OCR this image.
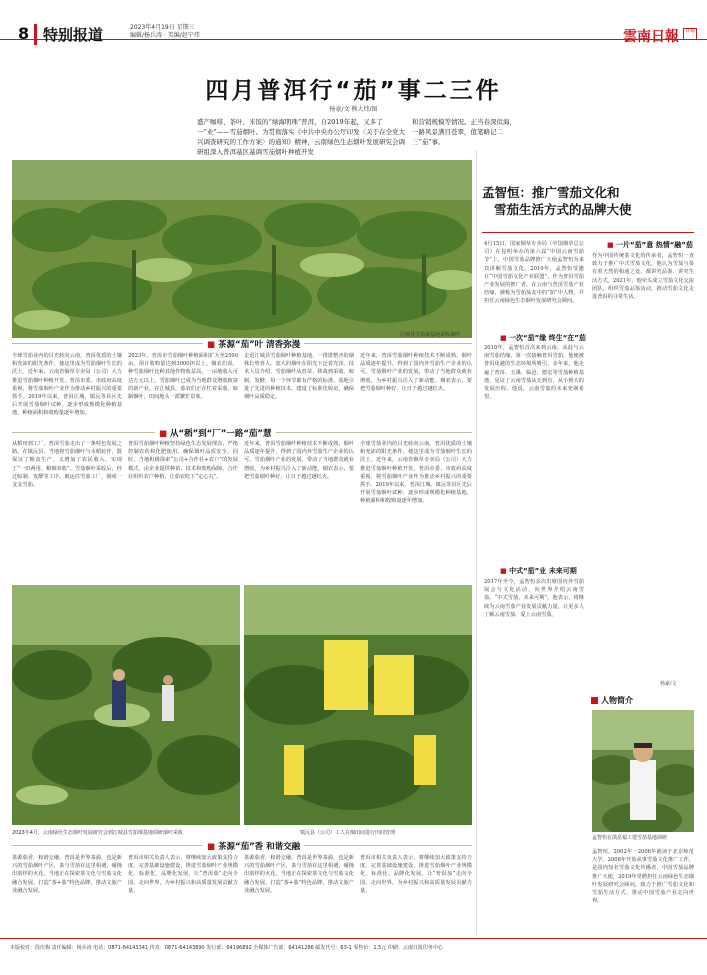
8 特别报道	2023年4月19日 星期三
编辑/杨兵涛 · 美编/赵宁伟	雲南日報	日報
四月普洱行“茄”事二三件
杨豪/文 熊大炜/图
盛产咖啡、茶叶、米饭的“绿海明珠”普洱，自2019年起，又多了一“业”——雪茄烟叶。为贯彻落实《中共中央办公厅印发〈关于在全党大兴调查研究的工作方案〉的通知》精神，云南绿色生态烟叶发展研究会调研组深入普洱基区基调雪茄烟叶种植开发
和营销规模等情况。正当春深似海，一路风景满目苍翠，值笔略记二三“茄”事。
江城县雪茄烟基地采收烟叶
■ 茶源“茄”叶 清香弥漫
全球雪茄业内的目光转向云南，普洱优质的土壤和充沛的阳光条件，使这里成为雪茄烟叶生长的沃土。近年来，云南省烟草专卖局（公司）大力推进雪茄烟叶种植开发，普洱市委、市政府高度重视，将雪茄烟叶产业作为推动乡村振兴的重要抓手。2019年以来，普洱江城、镇沅等县区先后开展雪茄烟叶试种，逐步形成规模化种植基地，种植面积和收购量逐年增加。
2023年，普洱市雪茄烟叶种植面积扩大至2500亩，预计收购量达到3000担以上。烟农们说，种雪茄烟叶比种其他作物收益高，一亩地收入可达万元以上，雪茄烟叶已成为当地群众增收致富的新产业。在江城县，茄农们正在忙着采收、晾制烟叶，田间地头一派繁忙景象。
走进江城县雪茄烟叶种植基地，一排排整齐的烟株长势喜人，宽大的烟叶在阳光下泛着光泽。技术人员介绍，雪茄烟叶从育苗、移栽到采收、晾制、发酵，每一个环节都有严格的标准。基地引进了先进的种植技术，建设了标准化晾房，确保烟叶品质稳定。
近年来，普洱雪茄烟叶种植技术不断成熟，烟叶品质逐年提升，得到了国内外雪茄生产企业的认可。雪茄烟叶产业的发展，带动了当地群众就业增收，为乡村振兴注入了新动能。烟农表示，要把雪茄烟叶种好，让日子越过越红火。
■ 从“稻”到“厂”一路“茄”慧
从稻田到工厂，普洱雪茄走出了一条特色发展之路。在镇沅县，当地将雪茄烟叶与水稻轮作，既保证了粮食生产，又增加了农民收入，实现了“一田两用、粮烟双收”。雪茄烟叶采收后，经过晾制、发酵等工序，被运往雪茄工厂，制成一支支雪茄。
普洱雪茄烟叶种植坚持绿色生态发展理念，严格控制农药和化肥使用，确保烟叶品质安全。同时，当地积极探索“公司+合作社+农户”的发展模式，由企业提供种苗、技术和收购保障，合作社组织农户种植，让茄农吃下“定心丸”。
近年来，普洱雪茄烟叶种植技术不断成熟，烟叶品质逐年提升，得到了国内外雪茄生产企业的认可。雪茄烟叶产业的发展，带动了当地群众就业增收，为乡村振兴注入了新动能。烟农表示，要把雪茄烟叶种好，让日子越过越红火。
全球雪茄业内的目光转向云南，普洱优质的土壤和充沛的阳光条件，使这里成为雪茄烟叶生长的沃土。近年来，云南省烟草专卖局（公司）大力推进雪茄烟叶种植开发，普洱市委、市政府高度重视，将雪茄烟叶产业作为推动乡村振兴的重要抓手。2019年以来，普洱江城、镇沅等县区先后开展雪茄烟叶试种，逐步形成规模化种植基地，种植面积和收购量逐年增加。
2023年4月，云南绿色生态烟叶发展研究会到江城县雪茄烟基地调研烟叶采收	镇沅县（公司）工人在烟田间进行田间管理
■ 茶源“茄”香 和谐交融
茶源茄香，和谐交融。普洱是世界茶源，也是新兴的雪茄烟叶产区，茶与雪茄在这里相遇，碰撞出别样的火花。当地正在探索茶文化与雪茄文化融合发展，打造“茶+茄”特色品牌，推动文旅产业融合发展。
普洱市相关负责人表示，将继续加大政策支持力度，完善基础设施建设，推进雪茄烟叶产业规模化、标准化、品牌化发展，让“普洱茄”走向全国、走向世界，为乡村振兴和高质量发展贡献力量。
茶源茄香，和谐交融。普洱是世界茶源，也是新兴的雪茄烟叶产区，茶与雪茄在这里相遇，碰撞出别样的火花。当地正在探索茶文化与雪茄文化融合发展，打造“茶+茄”特色品牌，推动文旅产业融合发展。
普洱市相关负责人表示，将继续加大政策支持力度，完善基础设施建设，推进雪茄烟叶产业规模化、标准化、品牌化发展，让“普洱茄”走向全国、走向世界，为乡村振兴和高质量发展贡献力量。
孟智恒：推广雪茄文化和
雪茄生活方式的品牌大使
4月15日，国家烟草专卖局（中国烟草总公司）在昆明举办的第六届“中国云南雪茄节”上，中国雪茄品牌推广大使孟智恒为来宾讲解雪茄文化。2019年，孟智恒受邀在“中国雪茄文化产业联盟”，作为普洱雪茄产业发展的推广者，在云南与普洱雪茄产业结缘，被称为雪茄茄友中的“茄”中人物，并担任云南绿色生态烟叶发展研究会顾问。
■ 一次“茄”缘 终生“在”茄
2018年，孟智恒首次来到云南，从此与云南雪茄结缘。第一次接触普洱雪茄，他便被普洱优越的生态环境所吸引，多年来，他走遍了普洱、玉溪、临沧、德宏等雪茄种植基地，见证了云南雪茄从无到有、从小到大的发展历程。他说，云南雪茄的未来充满希望。
■ 中式“茄”业 未来可期
2017年至今，孟智恒多次出席国内外雪茄展会与文化活动，向世界介绍云南雪茄，“中式雪茄，未来可期”。他表示，将继续为云南雪茄产业发展贡献力量，让更多人了解云南雪茄、爱上云南雪茄。
■ 一片“茄”意 热情“融”茄
作为中国传统茶文化的传承者，孟智恒一直致力于推广中式雪茄文化，他认为雪茄与茶有着天然的相通之处，都讲究品鉴、讲究生活方式。2021年，他牵头成立雪茄文化交流团队，组织雪茄品鉴活动，推动雪茄文化走进普洱的寻常生活。
杨豪/文
人物简介
孟智恒在滇昆福工建雪茄基地调研
孟智恒，2002年一2006年就读于北京师范大学。2008年开始从事雪茄文化推广工作，是国内知名雪茄文化传播者，中国雪茄品牌推广大使，2019年受聘担任云南绿色生态烟叶发展研究会顾问，致力于推广雪茄文化和雪茄生活方式，推动中国雪茄产业走向世界。
本版校对：段庆梅 责任编辑：杨兵涛 电话：0871-64143341 传真：0871-64143890 发行部：64196892 全媒体广告部：64141286 邮发代号：63-1 零售价：1.5元 印刷：云南日报印务中心
